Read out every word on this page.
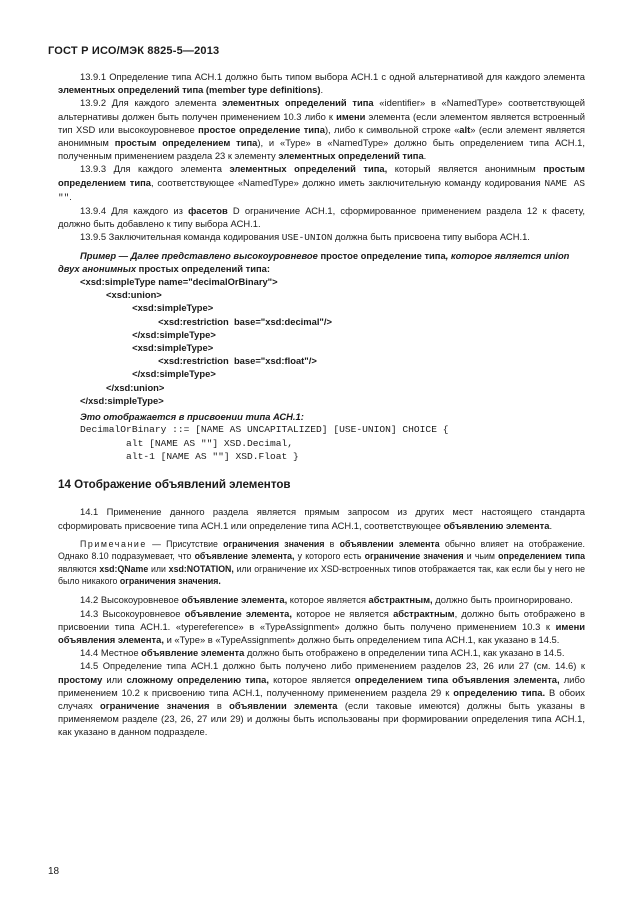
ГОСТ Р ИСО/МЭК 8825-5—2013

13.9.1 Определение типа АСН.1 должно быть типом выбора АСН.1 с одной альтернативой для каждого элемента элементных определений типа (member type definitions).

13.9.2 Для каждого элемента элементных определений типа «identifier» в «NamedType» соответствующей альтернативы должен быть получен применением 10.3 либо к имени элемента (если элементом является встроенный тип XSD или высокоуровневое простое определение типа), либо к символьной строке «alt» (если элемент является анонимным простым определением типа), и «Type» в «NamedType» должно быть определением типа АСН.1, полученным применением раздела 23 к элементу элементных определений типа.

13.9.3 Для каждого элемента элементных определений типа, который является анонимным простым определением типа, соответствующее «NamedType» должно иметь заключительную команду кодирования NAME AS "".

13.9.4 Для каждого из фасетов D ограничение АСН.1, сформированное применением раздела 12 к фасету, должно быть добавлено к типу выбора АСН.1.

13.9.5 Заключительная команда кодирования USE-UNION должна быть присвоена типу выбора АСН.1.

Пример — Далее представлено высокоуровневое простое определение типа, которое является union двух анонимных простых определений типа:

<xsd:simpleType name="decimalOrBinary">

<xsd:union>

<xsd:simpleType>

<xsd:restriction  base="xsd:decimal"/>

</xsd:simpleType>

<xsd:simpleType>

<xsd:restriction  base="xsd:float"/>

</xsd:simpleType>

</xsd:union>

</xsd:simpleType>

Это отображается в присвоении типа АСН.1:

DecimalOrBinary ::= [NAME AS UNCAPITALIZED] [USE-UNION] CHOICE {

alt [NAME AS ""] XSD.Decimal,

alt-1 [NAME AS ""] XSD.Float }

14 Отображение объявлений элементов

14.1 Применение данного раздела является прямым запросом из других мест настоящего стандарта сформировать присвоение типа АСН.1 или определение типа АСН.1, соответствующее объявлению элемента.

Примечание — Присутствие ограничения значения в объявлении элемента обычно влияет на отображение. Однако 8.10 подразумевает, что объявление элемента, у которого есть ограничение значения и чьим определением типа являются xsd:QName или xsd:NOTATION, или ограничение их XSD-встроенных типов отображается так, как если бы у него не было никакого ограничения значения.

14.2 Высокоуровневое объявление элемента, которое является абстрактным, должно быть проигнорировано.

14.3 Высокоуровневое объявление элемента, которое не являeтся абстрактным, должно быть отображено в присвоении типа АСН.1. «typereference» в «TypeAssignment» должно быть получено применением 10.3 к имени объявления элемента, и «Type» в «TypeAssignment» должно быть определением типа АСН.1, как указано в 14.5.

14.4 Местное объявление элемента должно быть отображено в определении типа АСН.1, как указано в 14.5.

14.5 Определение типа АСН.1 должно быть получено либо применением разделов 23, 26 или 27 (см. 14.6) к простому или сложному определению типа, которое является определением типа объявления элемента, либо применением 10.2 к присвоению типа АСН.1, полученному применением раздела 29 к определению типа. В обоих случаях ограничение значения в объявлении элемента (если таковые имеются) должны быть указаны в применяемом разделе (23, 26, 27 или 29) и должны быть использованы при формировании определения типа АСН.1, как указано в данном подразделе.

18
